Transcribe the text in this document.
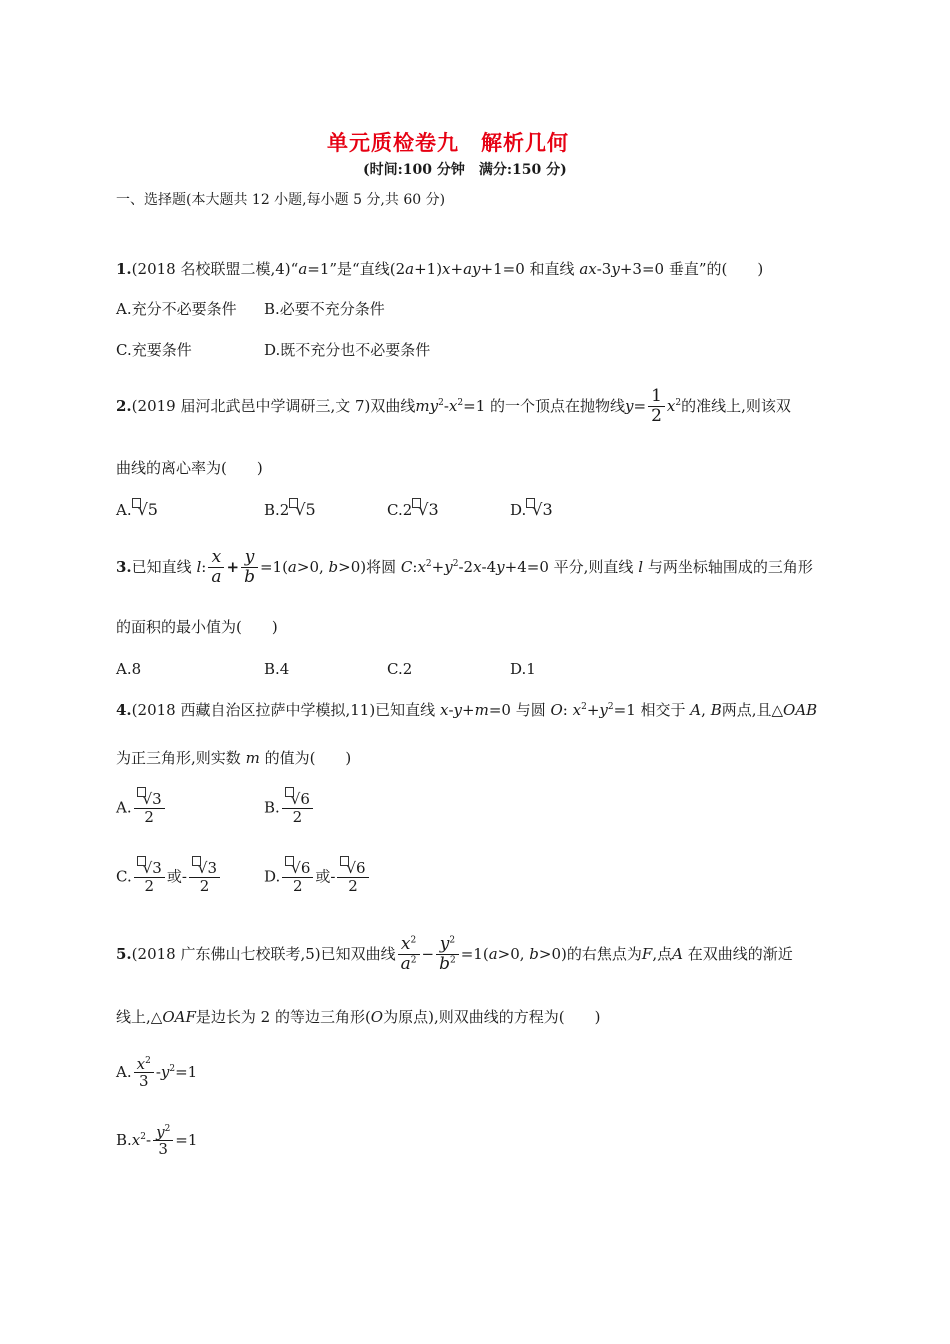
单元质检卷九　解析几何
(时间:100 分钟　满分:150 分)
一、选择题(本大题共 12 小题,每小题 5 分,共 60 分)
1.(2018 名校联盟二模,4)“a=1”是“直线(2a+1)x+ay+1=0 和直线 ax-3y+3=0 垂直”的(　　)
A.充分不必要条件 B.必要不充分条件
C.充要条件	D.既不充分也不必要条件
2.(2019 届河北武邑中学调研三,文 7)双曲线$my^2-x^2=1$ 的一个顶点在抛物线$y= \frac{1}{2} x^2$的准线上,则该双
曲线的离心率为(　　)
A. √5	B.2 √5	C.2 √3	D. √3
3.已知直线 l: $\frac{x}{a} + \frac{y}{b} =1(a>0$, b>0)将圆 $C:x^2+y^2-2x-4y+4=0$ 平分,则直线 l 与两坐标轴围成的三角形
的面积的最小值为(　　)
A.8	B.4	C.2	D.1
4.(2018 西藏自治区拉萨中学模拟,11)已知直线 x-y+m=0 与圆 O: $x^2+y^2=1$ 相交于 A, B两点,且△OAB
为正三角形,则实数 m 的值为(　　)
A. $\frac{√3}{2}$	B. $\frac{√6}{2}$
C. $\frac{√3}{2}$ 或- $\frac{√3}{2}$	D. $\frac{√6}{2}$ 或- $\frac{√6}{2}$
5.(2018 广东佛山七校联考,5)已知双曲线 $\frac{x^2}{a^2} - \frac{y^2}{b^2} =1(a>0$, b>0)的右焦点为F,点A 在双曲线的渐近
线上,△OAF是边长为 2 的等边三角形(O为原点),则双曲线的方程为(　　)
A. $\frac{x^2}{3} -y^2=1$
$B.x^2- \frac{y^2}{3} =1$
